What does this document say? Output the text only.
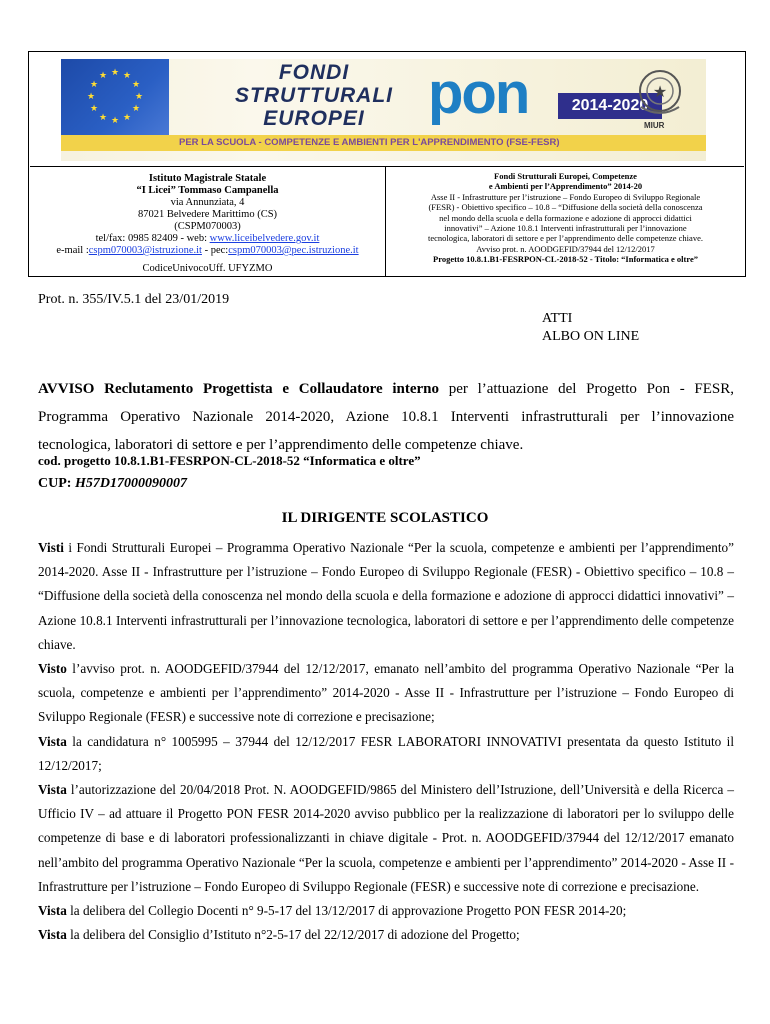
★ ★
★
★
★
★
★
★
★
★
★
★	FONDI
STRUTTURALI
EUROPEI	pon	2014-2020
★
MIUR
PER LA SCUOLA - COMPETENZE E AMBIENTI PER L'APPRENDIMENTO (FSE-FESR)
Istituto Magistrale Statale
“I Licei” Tommaso Campanella
via Annunziata, 4
87021 Belvedere Marittimo (CS)
(CSPM070003)
tel/fax: 0985 82409 - web: www.liceibelvedere.gov.it
e-mail :cspm070003@istruzione.it - pec:cspm070003@pec.istruzione.it
CodiceUnivocoUff. UFYZMO
Fondi Strutturali Europei, Competenze
e Ambienti per l’Apprendimento” 2014-20
Asse II - Infrastrutture per l’istruzione – Fondo Europeo di Sviluppo Regionale
(FESR) - Obiettivo specifico – 10.8 – “Diffusione della società della conoscenza
nel mondo della scuola e della formazione e adozione di approcci didattici
innovativi” – Azione 10.8.1 Interventi infrastrutturali per l’innovazione
tecnologica, laboratori di settore e per l’apprendimento delle competenze chiave.
Avviso prot. n. AOODGEFID/37944 del 12/12/2017
Progetto 10.8.1.B1-FESRPON-CL-2018-52 - Titolo: “Informatica e oltre”
Prot. n. 355/IV.5.1 del 23/01/2019
ATTI
ALBO ON LINE
AVVISO Reclutamento Progettista e Collaudatore interno per l’attuazione del Progetto Pon - FESR, Programma Operativo Nazionale 2014-2020, Azione 10.8.1 Interventi infrastrutturali per l’innovazione tecnologica, laboratori di settore e per l’apprendimento delle competenze chiave.
cod. progetto 10.8.1.B1-FESRPON-CL-2018-52 “Informatica e oltre”
CUP: H57D17000090007
IL DIRIGENTE SCOLASTICO

Visti i Fondi Strutturali Europei – Programma Operativo Nazionale “Per la scuola, competenze e ambienti per l’apprendimento” 2014-2020. Asse II - Infrastrutture per l’istruzione – Fondo Europeo di Sviluppo Regionale (FESR) - Obiettivo specifico – 10.8 – “Diffusione della società della conoscenza nel mondo della scuola e della formazione e adozione di approcci didattici innovativi” – Azione 10.8.1 Interventi infrastrutturali per l’innovazione tecnologica, laboratori di settore e per l’apprendimento delle competenze chiave.

Visto l’avviso prot. n. AOODGEFID/37944 del 12/12/2017, emanato nell’ambito del programma Operativo Nazionale “Per la scuola, competenze e ambienti per l’apprendimento” 2014-2020 - Asse II - Infrastrutture per l’istruzione – Fondo Europeo di Sviluppo Regionale (FESR) e successive note di correzione e precisazione;

Vista la candidatura n° 1005995 – 37944 del 12/12/2017 FESR LABORATORI INNOVATIVI presentata da questo Istituto il 12/12/2017;

Vista l’autorizzazione del 20/04/2018 Prot. N. AOODGEFID/9865 del Ministero dell’Istruzione, dell’Università e della Ricerca – Ufficio IV – ad attuare il Progetto PON FESR 2014-2020 avviso pubblico per la realizzazione di laboratori per lo sviluppo delle competenze di base e di laboratori professionalizzanti in chiave digitale - Prot. n. AOODGEFID/37944 del 12/12/2017 emanato nell’ambito del programma Operativo Nazionale “Per la scuola, competenze e ambienti per l’apprendimento” 2014-2020 - Asse II - Infrastrutture per l’istruzione – Fondo Europeo di Sviluppo Regionale (FESR) e successive note di correzione e precisazione.

Vista la delibera del Collegio Docenti n° 9-5-17 del 13/12/2017 di approvazione Progetto PON FESR 2014-20;

Vista la delibera del Consiglio d’Istituto n°2-5-17 del 22/12/2017 di adozione del Progetto;
